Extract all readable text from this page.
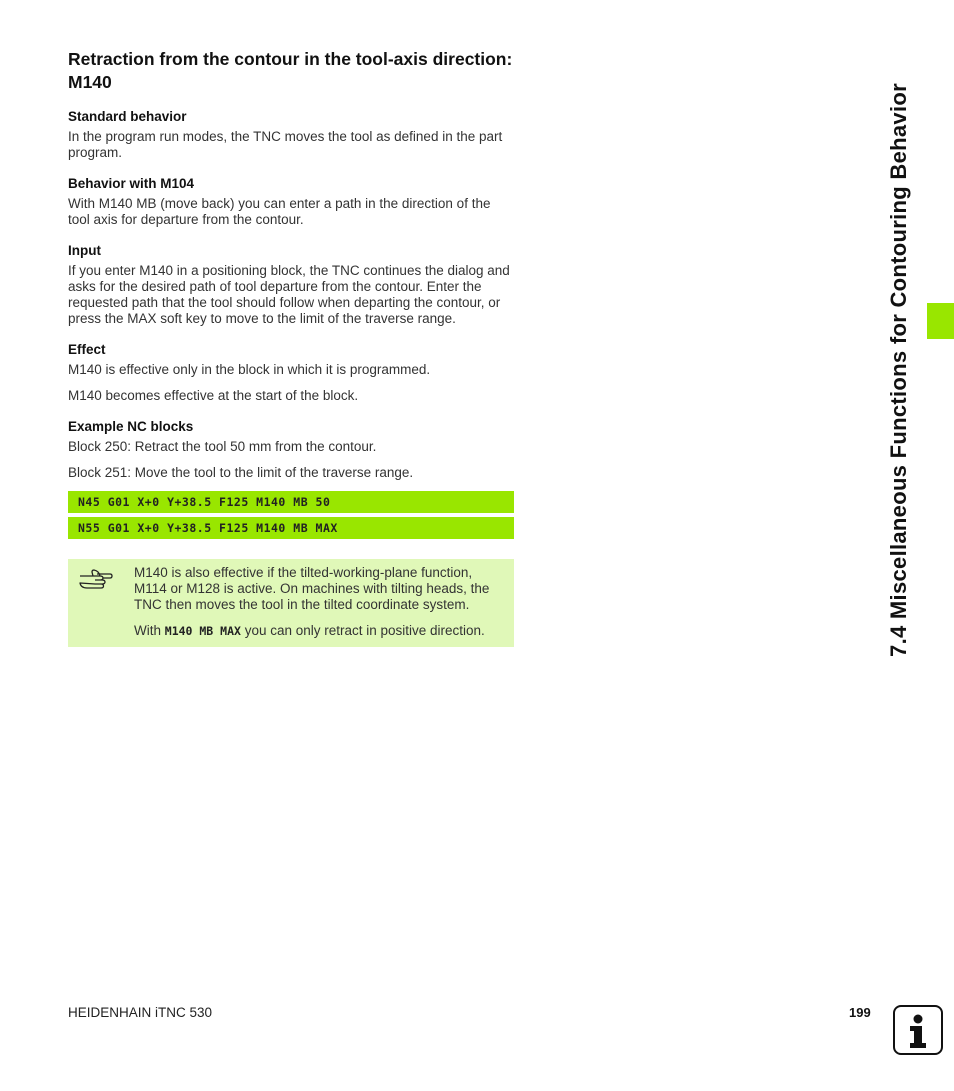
Retraction from the contour in the tool-axis direction: M140
Standard behavior

In the program run modes, the TNC moves the tool as defined in the part program.

Behavior with M104

With M140 MB (move back) you can enter a path in the direction of the tool axis for departure from the contour.

Input

If you enter M140 in a positioning block, the TNC continues the dialog and asks for the desired path of tool departure from the contour. Enter the requested path that the tool should follow when departing the contour, or press the MAX soft key to move to the limit of the traverse range.

Effect

M140 is effective only in the block in which it is programmed.

M140 becomes effective at the start of the block.

Example NC blocks

Block 250: Retract the tool 50 mm from the contour.

Block 251: Move the tool to the limit of the traverse range.

N45 G01 X+0 Y+38.5 F125 M140 MB 50
N55 G01 X+0 Y+38.5 F125 M140 MB MAX

M140 is also effective if the tilted-working-plane function, M114 or M128 is active. On machines with tilting heads, the TNC then moves the tool in the tilted coordinate system.

With M140 MB MAX you can only retract in positive direction.	7.4 Miscellaneous Functions for Contouring Behavior
HEIDENHAIN iTNC 530	199
